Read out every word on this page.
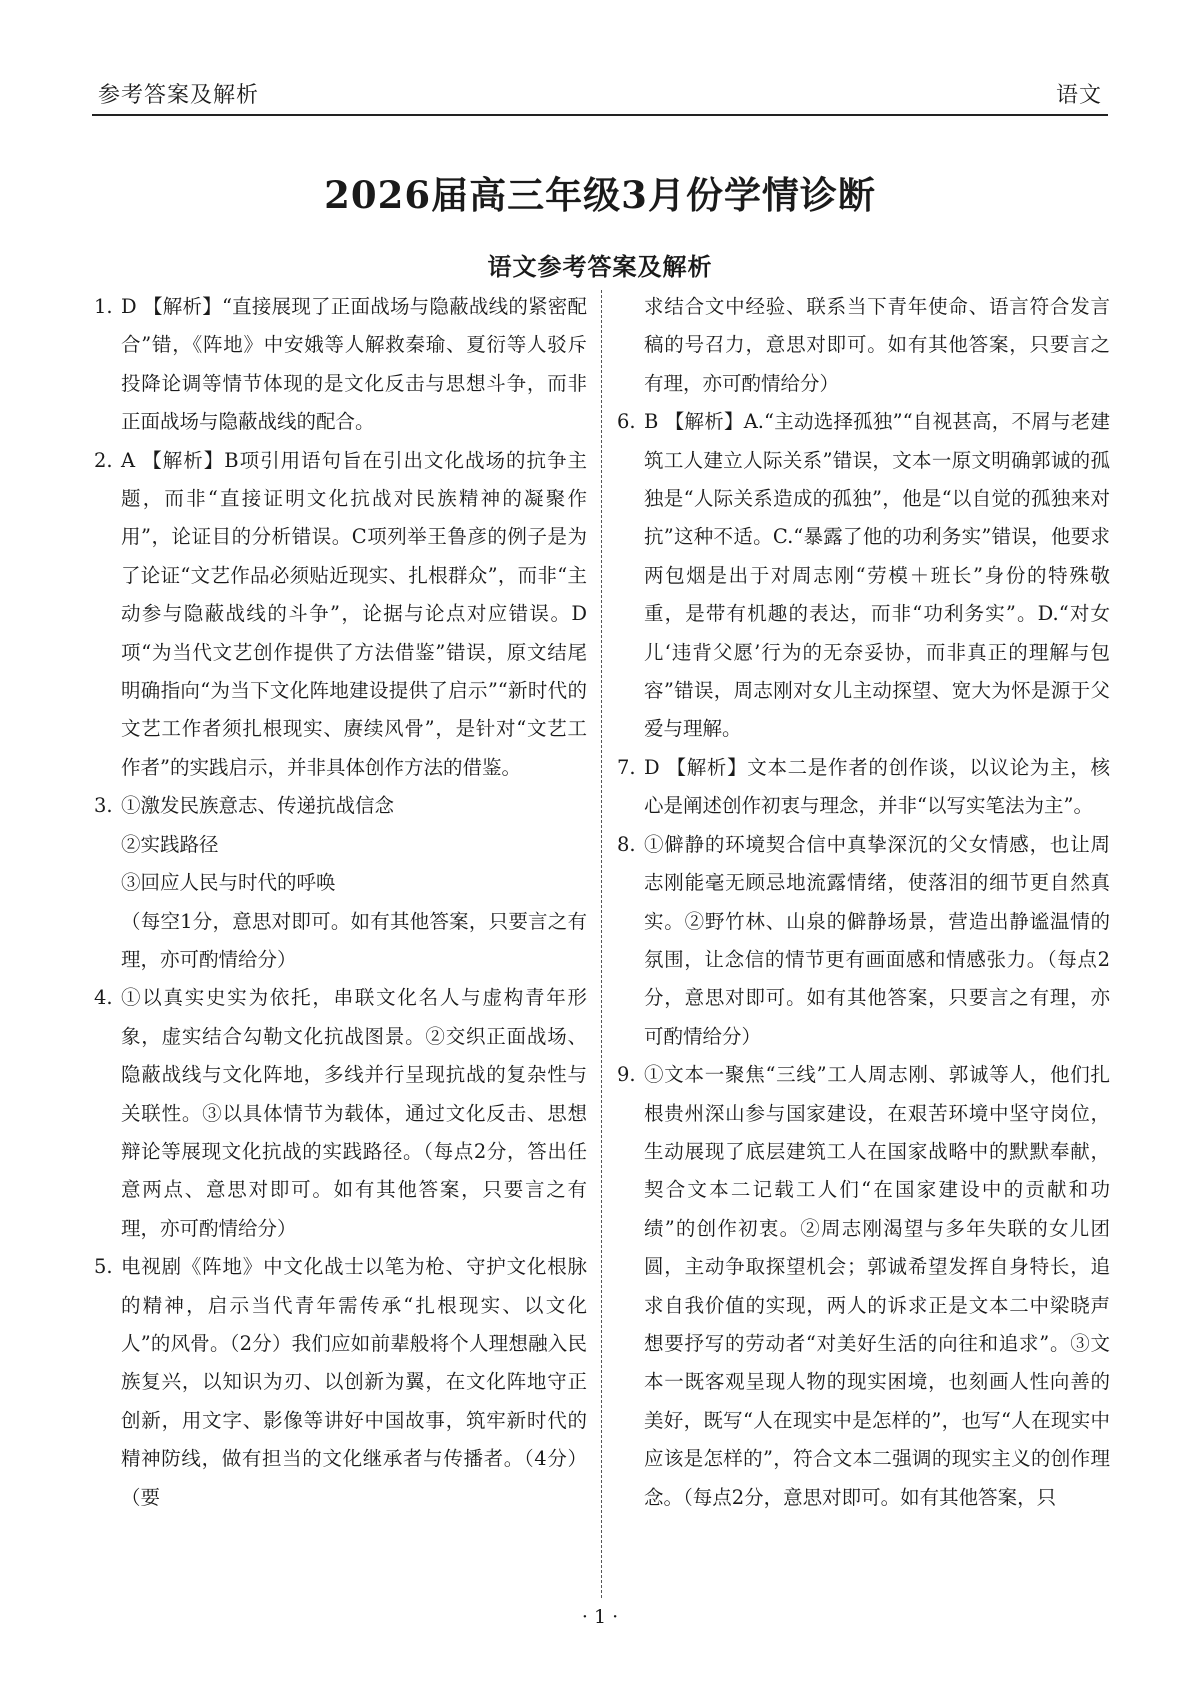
参考答案及解析	语文
2026届高三年级3月份学情诊断
语文参考答案及解析
1. D 【解析】“直接展现了正面战场与隐蔽战线的紧密配合”错，《阵地》中安娥等人解救秦瑜、夏衍等人驳斥投降论调等情节体现的是文化反击与思想斗争，而非正面战场与隐蔽战线的配合。

2. A 【解析】B项引用语句旨在引出文化战场的抗争主题，而非“直接证明文化抗战对民族精神的凝聚作用”，论证目的分析错误。C项列举王鲁彦的例子是为了论证“文艺作品必须贴近现实、扎根群众”，而非“主动参与隐蔽战线的斗争”，论据与论点对应错误。D项“为当代文艺创作提供了方法借鉴”错误，原文结尾明确指向“为当下文化阵地建设提供了启示”“新时代的文艺工作者须扎根现实、赓续风骨”，是针对“文艺工作者”的实践启示，并非具体创作方法的借鉴。

3. ①激发民族意志、传递抗战信念

②实践路径

③回应人民与时代的呼唤

（每空1分，意思对即可。如有其他答案，只要言之有理，亦可酌情给分）

4. ①以真实史实为依托，串联文化名人与虚构青年形象，虚实结合勾勒文化抗战图景。②交织正面战场、隐蔽战线与文化阵地，多线并行呈现抗战的复杂性与关联性。③以具体情节为载体，通过文化反击、思想辩论等展现文化抗战的实践路径。（每点2分，答出任意两点、意思对即可。如有其他答案，只要言之有理，亦可酌情给分）

5. 电视剧《阵地》中文化战士以笔为枪、守护文化根脉的精神，启示当代青年需传承“扎根现实、以文化人”的风骨。（2分）我们应如前辈般将个人理想融入民族复兴，以知识为刃、以创新为翼，在文化阵地守正创新，用文字、影像等讲好中国故事，筑牢新时代的精神防线，做有担当的文化继承者与传播者。（4分）（要

求结合文中经验、联系当下青年使命、语言符合发言稿的号召力，意思对即可。如有其他答案，只要言之有理，亦可酌情给分）

6. B 【解析】A.“主动选择孤独”“自视甚高，不屑与老建筑工人建立人际关系”错误，文本一原文明确郭诚的孤独是“人际关系造成的孤独”，他是“以自觉的孤独来对抗”这种不适。C.“暴露了他的功利务实”错误，他要求两包烟是出于对周志刚“劳模＋班长”身份的特殊敬重，是带有机趣的表达，而非“功利务实”。D.“对女儿‘违背父愿’行为的无奈妥协，而非真正的理解与包容”错误，周志刚对女儿主动探望、宽大为怀是源于父爱与理解。

7. D 【解析】文本二是作者的创作谈，以议论为主，核心是阐述创作初衷与理念，并非“以写实笔法为主”。

8. ①僻静的环境契合信中真挚深沉的父女情感，也让周志刚能毫无顾忌地流露情绪，使落泪的细节更自然真实。②野竹林、山泉的僻静场景，营造出静谧温情的氛围，让念信的情节更有画面感和情感张力。（每点2分，意思对即可。如有其他答案，只要言之有理，亦可酌情给分）

9. ①文本一聚焦“三线”工人周志刚、郭诚等人，他们扎根贵州深山参与国家建设，在艰苦环境中坚守岗位，生动展现了底层建筑工人在国家战略中的默默奉献，契合文本二记载工人们“在国家建设中的贡献和功绩”的创作初衷。②周志刚渴望与多年失联的女儿团圆，主动争取探望机会；郭诚希望发挥自身特长，追求自我价值的实现，两人的诉求正是文本二中梁晓声想要抒写的劳动者“对美好生活的向往和追求”。③文本一既客观呈现人物的现实困境，也刻画人性向善的美好，既写“人在现实中是怎样的”，也写“人在现实中应该是怎样的”，符合文本二强调的现实主义的创作理念。（每点2分，意思对即可。如有其他答案，只

· 1 ·
